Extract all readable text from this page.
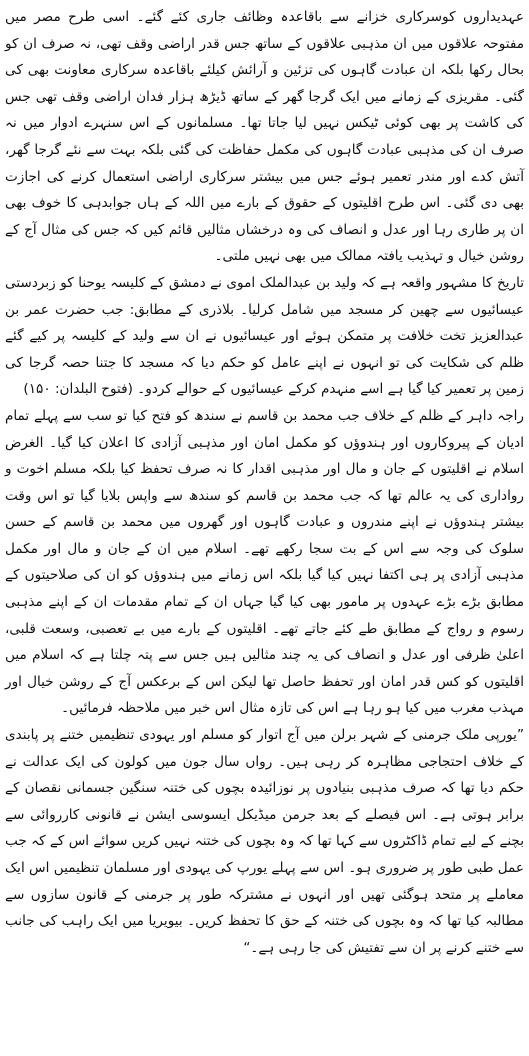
عہدیداروں کوسرکاری خزانے سے باقاعدہ وظائف جاری کئے گئے۔ اسی طرح مصر میں مفتوحہ علاقوں میں ان مذہبی علاقوں کے ساتھ جس قدر اراضی وقف تھی، نہ صرف ان کو بحال رکھا بلکہ ان عبادت گاہوں کی تزئین و آرائش کیلئے باقاعدہ سرکاری معاونت بھی کی گئی۔ مقریزی کے زمانے میں ایک گرجا گھر کے ساتھ ڈیڑھ ہزار فدان اراضی وقف تھی جس کی کاشت پر بھی کوئی ٹیکس نہیں لیا جاتا تھا۔ مسلمانوں کے اس سنہرے ادوار میں نہ صرف ان کی مذہبی عبادت گاہوں کی مکمل حفاظت کی گئی بلکہ بہت سے نئے گرجا گھر، آتش کدے اور مندر تعمیر ہوئے جس میں بیشتر سرکاری اراضی استعمال کرنے کی اجازت بھی دی گئی۔ اس طرح اقلیتوں کے حقوق کے بارے میں اللہ کے ہاں جوابدہی کا خوف بھی ان پر طاری رہا اور عدل و انصاف کی وہ درخشاں مثالیں قائم کیں کہ جس کی مثال آج کے روشن خیال و تہذیب یافتہ ممالک میں بھی نہیں ملتی۔

تاریخ کا مشہور واقعہ ہے کہ ولید بن عبدالملک اموی نے دمشق کے کلیسہ یوحنا کو زبردستی عیسائیوں سے چھین کر مسجد میں شامل کرلیا۔ بلاذری کے مطابق: جب حضرت عمر بن عبدالعزیز تخت خلافت پر متمکن ہوئے اور عیسائیوں نے ان سے ولید کے کلیسہ پر کیے گئے ظلم کی شکایت کی تو انہوں نے اپنے عامل کو حکم دیا کہ مسجد کا جتنا حصہ گرجا کی زمین پر تعمیر کیا گیا ہے اسے منہدم کرکے عیسائیوں کے حوالے کردو۔ (فتوح البلدان: ۱۵۰)

راجہ داہر کے ظلم کے خلاف جب محمد بن قاسم نے سندھ کو فتح کیا تو سب سے پہلے تمام ادیان کے پیروکاروں اور ہندوؤں کو مکمل امان اور مذہبی آزادی کا اعلان کیا گیا۔ الغرض اسلام نے اقلیتوں کے جان و مال اور مذہبی اقدار کا نہ صرف تحفظ کیا بلکہ مسلم اخوت و رواداری کی یہ عالم تھا کہ جب محمد بن قاسم کو سندھ سے واپس بلایا گیا تو اس وقت بیشتر ہندوؤں نے اپنے مندروں و عبادت گاہوں اور گھروں میں محمد بن قاسم کے حسن سلوک کی وجہ سے اس کے بت سجا رکھے تھے۔ اسلام میں ان کے جان و مال اور مکمل مذہبی آزادی پر ہی اکتفا نہیں کیا گیا بلکہ اس زمانے میں ہندوؤں کو ان کی صلاحیتوں کے مطابق بڑے بڑے عہدوں پر مامور بھی کیا گیا جہاں ان کے تمام مقدمات ان کے اپنے مذہبی رسوم و رواج کے مطابق طے کئے جاتے تھے۔ اقلیتوں کے بارے میں بے تعصبی، وسعت قلبی، اعلیٰ ظرفی اور عدل و انصاف کی یہ چند مثالیں ہیں جس سے پتہ چلتا ہے کہ اسلام میں اقلیتوں کو کس قدر امان اور تحفظ حاصل تھا لیکن اس کے برعکس آج کے روشن خیال اور مہذب مغرب میں کیا ہو رہا ہے اس کی تازہ مثال اس خبر میں ملاحظہ فرمائیں۔

”یورپی ملک جرمنی کے شہر برلن میں آج اتوار کو مسلم اور یہودی تنظیمیں ختنے پر پابندی کے خلاف احتجاجی مظاہرہ کر رہی ہیں۔ رواں سال جون میں کولون کی ایک عدالت نے حکم دیا تھا کہ صرف مذہبی بنیادوں پر نوزائیدہ بچوں کی ختنہ سنگین جسمانی نقصان کے برابر ہوتی ہے۔ اس فیصلے کے بعد جرمن میڈیکل ایسوسی ایشن نے قانونی کارروائی سے بچنے کے لیے تمام ڈاکٹروں سے کہا تھا کہ وہ بچوں کی ختنہ نہیں کریں سوائے اس کے کہ جب عمل طبی طور پر ضروری ہو۔ اس سے پہلے یورپ کی یہودی اور مسلمان تنظیمیں اس ایک معاملے پر متحد ہوگئی تھیں اور انہوں نے مشترکہ طور پر جرمنی کے قانون سازوں سے مطالبہ کیا تھا کہ وہ بچوں کی ختنہ کے حق کا تحفظ کریں۔ بیویریا میں ایک راہب کی جانب سے ختنے کرنے پر ان سے تفتیش کی جا رہی ہے۔“
